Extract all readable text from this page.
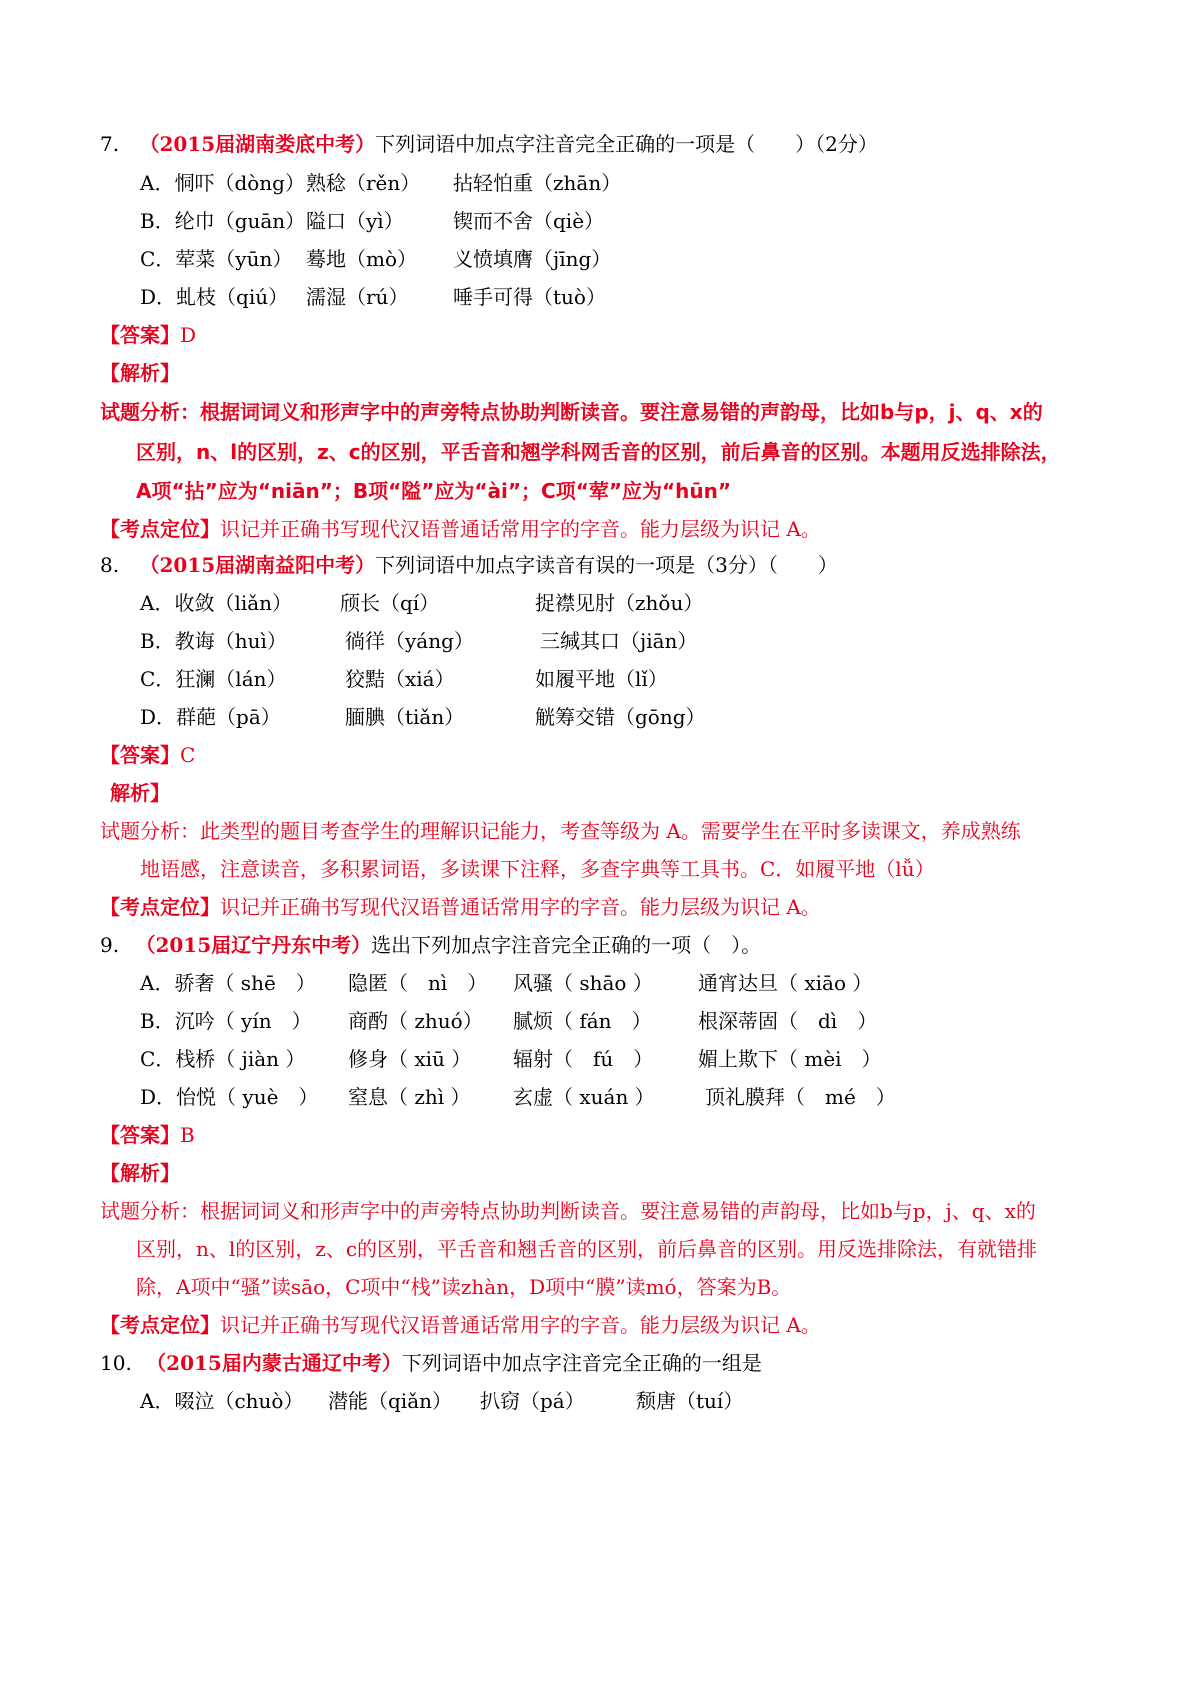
7. （2015届湖南娄底中考）下列词语中加点字注音完全正确的一项是（　　）（2分）
A．恫吓（dòng） 熟稔（rěn） 拈轻怕重（zhān）
B．纶巾（guān） 隘口（yì） 锲而不舍（qiè）
C．荤菜（yūn） 蓦地（mò） 义愤填膺（jīng）
D．虬枝（qiú） 濡湿（rú） 唾手可得（tuò）
【答案】D
【解析】
试题分析：根据词词义和形声字中的声旁特点协助判断读音。要注意易错的声韵母，比如b与p，j、q、x的
区别，n、l的区别，z、c的区别，平舌音和翘学科网舌音的区别，前后鼻音的区别。本题用反选排除法，
A项“拈”应为“niān”；B项“隘”应为“ài”；C项“荤”应为“hūn”
【考点定位】识记并正确书写现代汉语普通话常用字的字音。能力层级为识记 A。
8. （2015届湖南益阳中考）下列词语中加点字读音有误的一项是（3分）（　　）
A．收敛（liǎn） 颀长（qí）	捉襟见肘（zhǒu）
B．教诲（huì）	徜徉（yáng）	三缄其口（jiān）
C．狂澜（lán）	狡黠（xiá）	如履平地（lǐ）
D．群葩（pā）	腼腆（tiǎn）	觥筹交错（gōng）
【答案】C
解析】
试题分析：此类型的题目考查学生的理解识记能力，考查等级为 A。需要学生在平时多读课文，养成熟练
地语感，注意读音，多积累词语，多读课下注释，多查字典等工具书。C．如履平地（lǚ）
【考点定位】识记并正确书写现代汉语普通话常用字的字音。能力层级为识记 A。
9. （2015届辽宁丹东中考）选出下列加点字注音完全正确的一项（　）。
A．骄奢（ shē　） 隐匿（　nì　） 风骚（ shāo ） 通宵达旦（ xiāo ）
B．沉吟（ yín　） 商酌（ zhuó） 腻烦（ fán　） 根深蒂固（　dì　）
C．栈桥（ jiàn ） 修身（ xiū ） 辐射（　fú　） 媚上欺下（ mèi　）
D．怡悦（ yuè　） 窒息（ zhì ） 玄虚（ xuán ）	顶礼膜拜（　mé　）
【答案】B
【解析】
试题分析：根据词词义和形声字中的声旁特点协助判断读音。要注意易错的声韵母，比如b与p，j、q、x的
区别，n、l的区别，z、c的区别，平舌音和翘舌音的区别，前后鼻音的区别。用反选排除法，有就错排
除，A项中“骚”读sāo，C项中“栈”读zhàn，D项中“膜”读mó，答案为B。
【考点定位】识记并正确书写现代汉语普通话常用字的字音。能力层级为识记 A。
10. （2015届内蒙古通辽中考）下列词语中加点字注音完全正确的一组是
A．啜泣（chuò） 潜能（qiǎn） 扒窃（pá）	颓唐（tuí）
